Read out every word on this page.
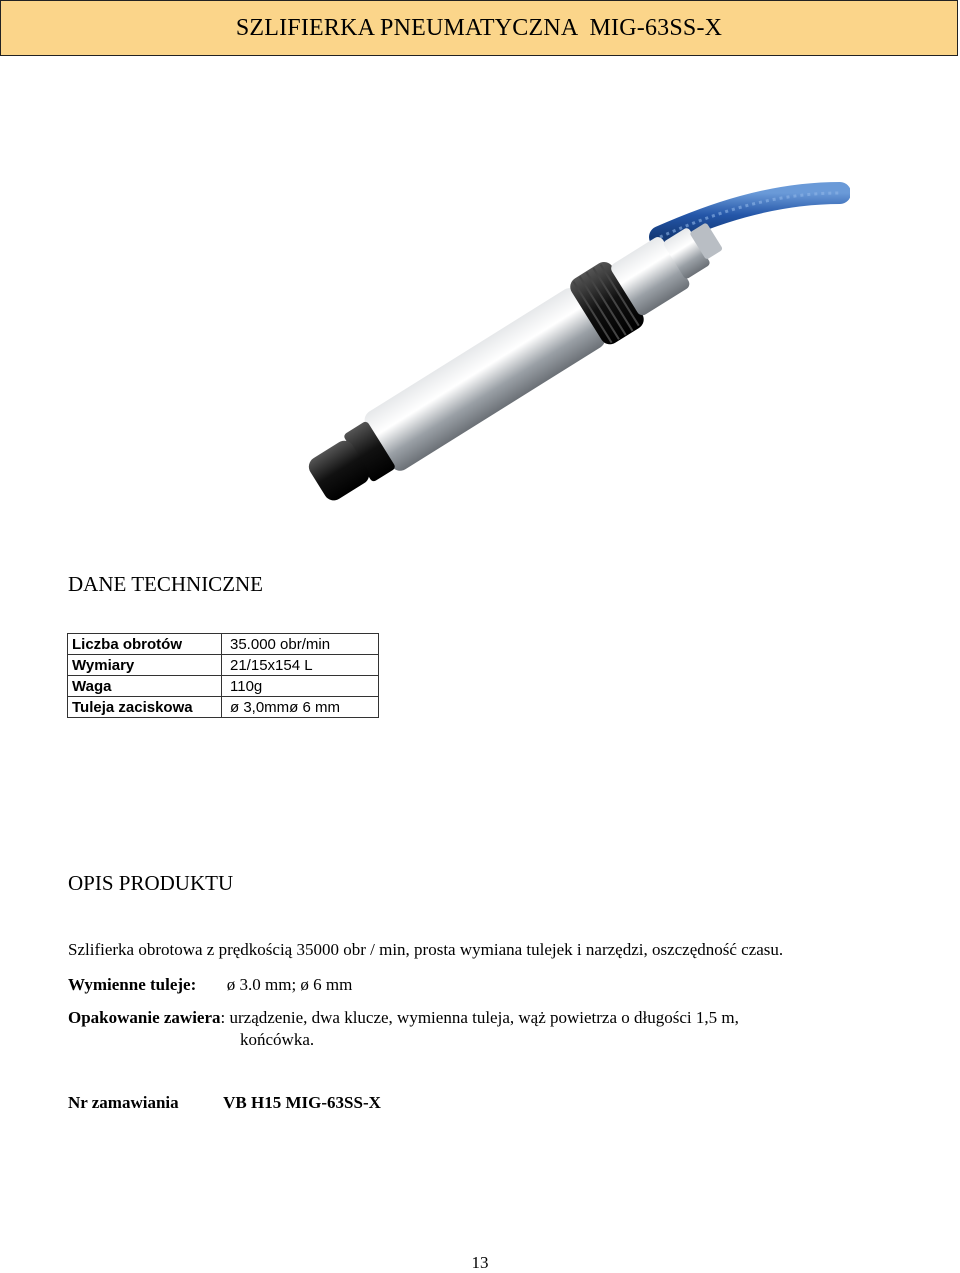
SZLIFIERKA PNEUMATYCZNA  MIG-63SS-X
DANE TECHNICZNE
Liczba obrotów	35.000 obr/min
Wymiary	21/15x154 L
Waga	110g
Tuleja zaciskowa	ø 3,0mmø 6 mm
OPIS PRODUKTU
Szlifierka obrotowa z prędkością 35000 obr / min, prosta wymiana tulejek i narzędzi, oszczędność czasu.
Wymienne tuleje: ø 3.0 mm; ø 6 mm
Opakowanie zawiera: urządzenie, dwa klucze, wymienna tuleja, wąż powietrza o długości 1,5 m,
końcówka.
Nr zamawiania	VB H15 MIG-63SS-X
13
